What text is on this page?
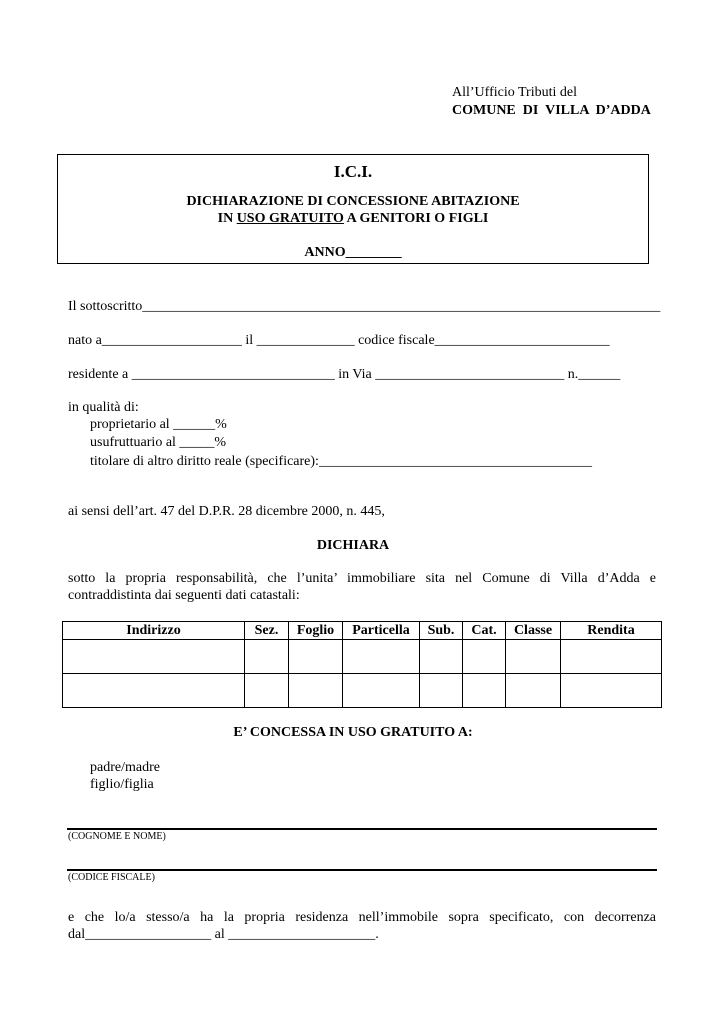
All’Ufficio Tributi del
COMUNE  DI  VILLA  D’ADDA
I.C.I.
DICHIARAZIONE DI CONCESSIONE ABITAZIONE
IN USO GRATUITO A GENITORI O FIGLI
ANNO________
Il sottoscritto__________________________________________________________________________
nato a____________________ il ______________ codice fiscale_________________________
residente a _____________________________ in Via ___________________________ n.______
in qualità di:
proprietario al ______%
usufruttuario al _____%
titolare di altro diritto reale (specificare):_______________________________________
ai sensi dell’art. 47 del D.P.R. 28 dicembre 2000, n. 445,
DICHIARA
sotto la propria responsabilità, che l’unita’ immobiliare sita nel Comune di Villa d’Adda e
contraddistinta dai seguenti dati catastali:
Indirizzo	Sez.	Foglio	Particella	Sub.	Cat.	Classe	Rendita

E’ CONCESSA IN USO GRATUITO A:
padre/madre
figlio/figlia
(COGNOME E NOME)
(CODICE FISCALE)
e che lo/a stesso/a ha la propria residenza nell’immobile sopra specificato, con decorrenza
dal__________________ al _____________________.
